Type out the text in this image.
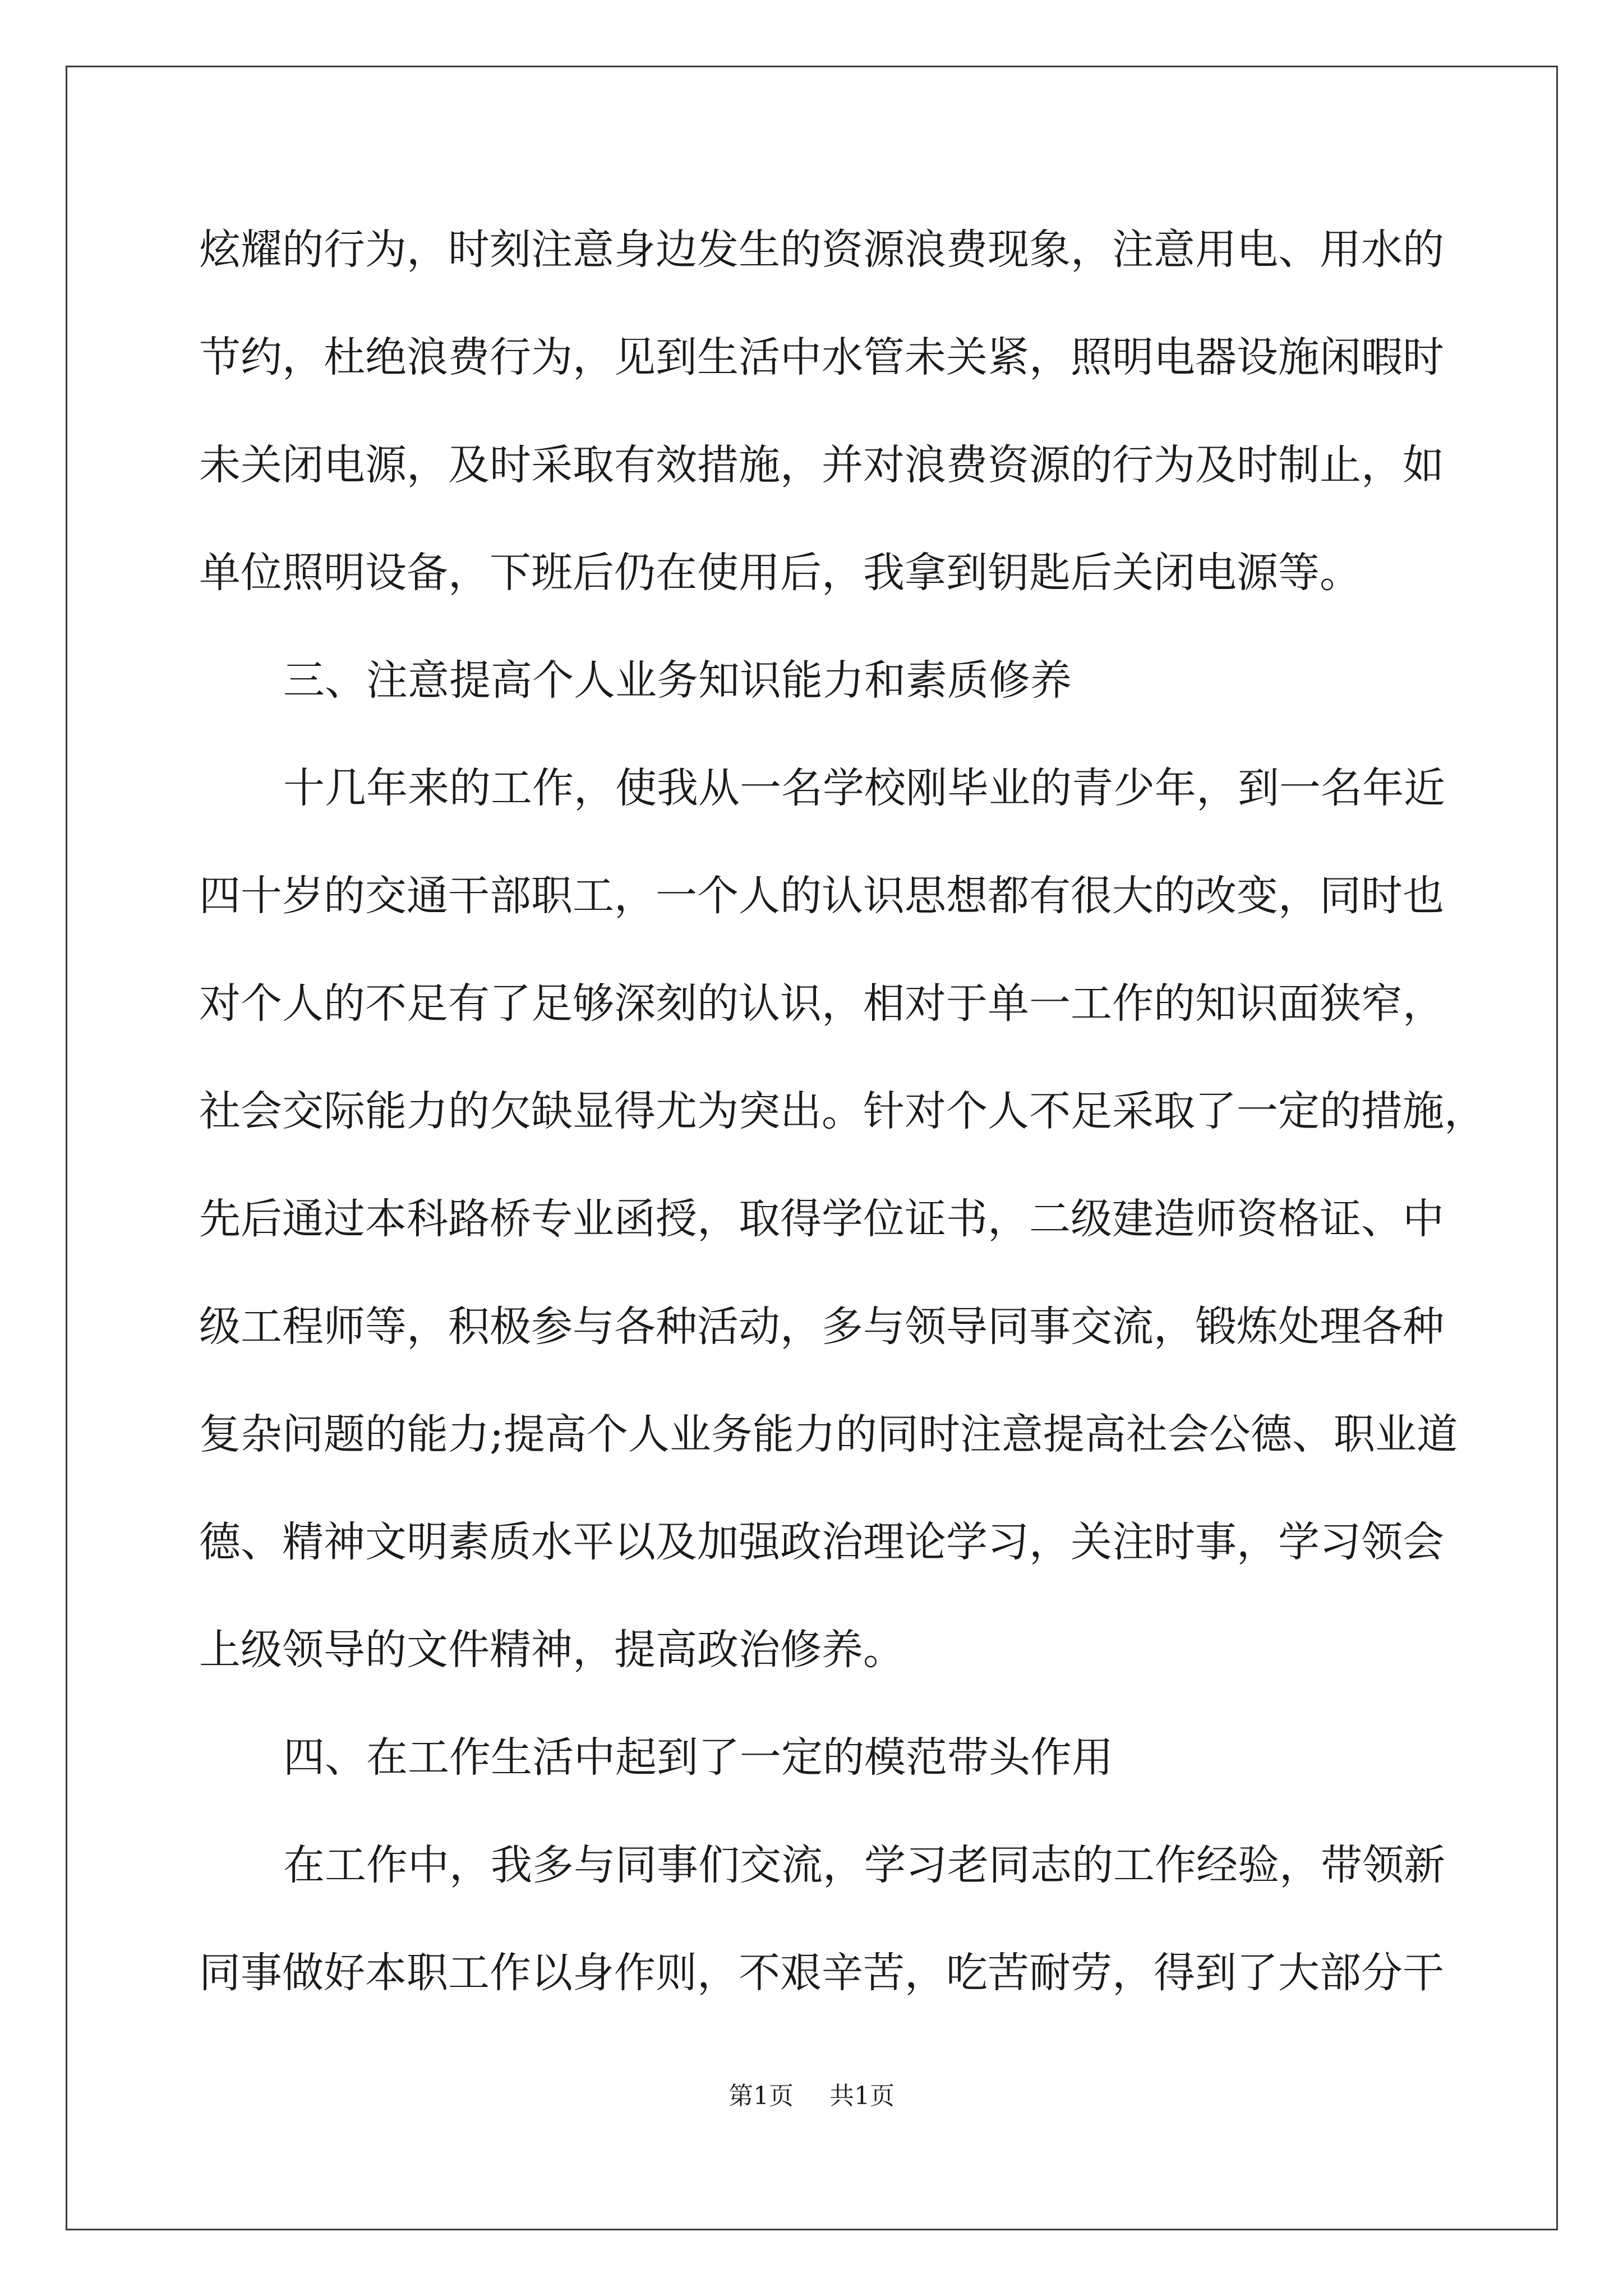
炫耀的行为，时刻注意身边发生的资源浪费现象，注意用电、用水的
节约，杜绝浪费行为，见到生活中水管未关紧，照明电器设施闲暇时
未关闭电源，及时采取有效措施，并对浪费资源的行为及时制止，如
单位照明设备，下班后仍在使用后，我拿到钥匙后关闭电源等。
三、注意提高个人业务知识能力和素质修养
十几年来的工作，使我从一名学校刚毕业的青少年，到一名年近
四十岁的交通干部职工，一个人的认识思想都有很大的改变，同时也
对个人的不足有了足够深刻的认识，相对于单一工作的知识面狭窄，
社会交际能力的欠缺显得尤为突出。针对个人不足采取了一定的措施，
先后通过本科路桥专业函授，取得学位证书，二级建造师资格证、中
级工程师等，积极参与各种活动，多与领导同事交流，锻炼处理各种
复杂问题的能力;提高个人业务能力的同时注意提高社会公德、职业道
德、精神文明素质水平以及加强政治理论学习，关注时事，学习领会
上级领导的文件精神，提高政治修养。
四、在工作生活中起到了一定的模范带头作用
在工作中，我多与同事们交流，学习老同志的工作经验，带领新
同事做好本职工作以身作则，不艰辛苦，吃苦耐劳，得到了大部分干
第1页 共1页
